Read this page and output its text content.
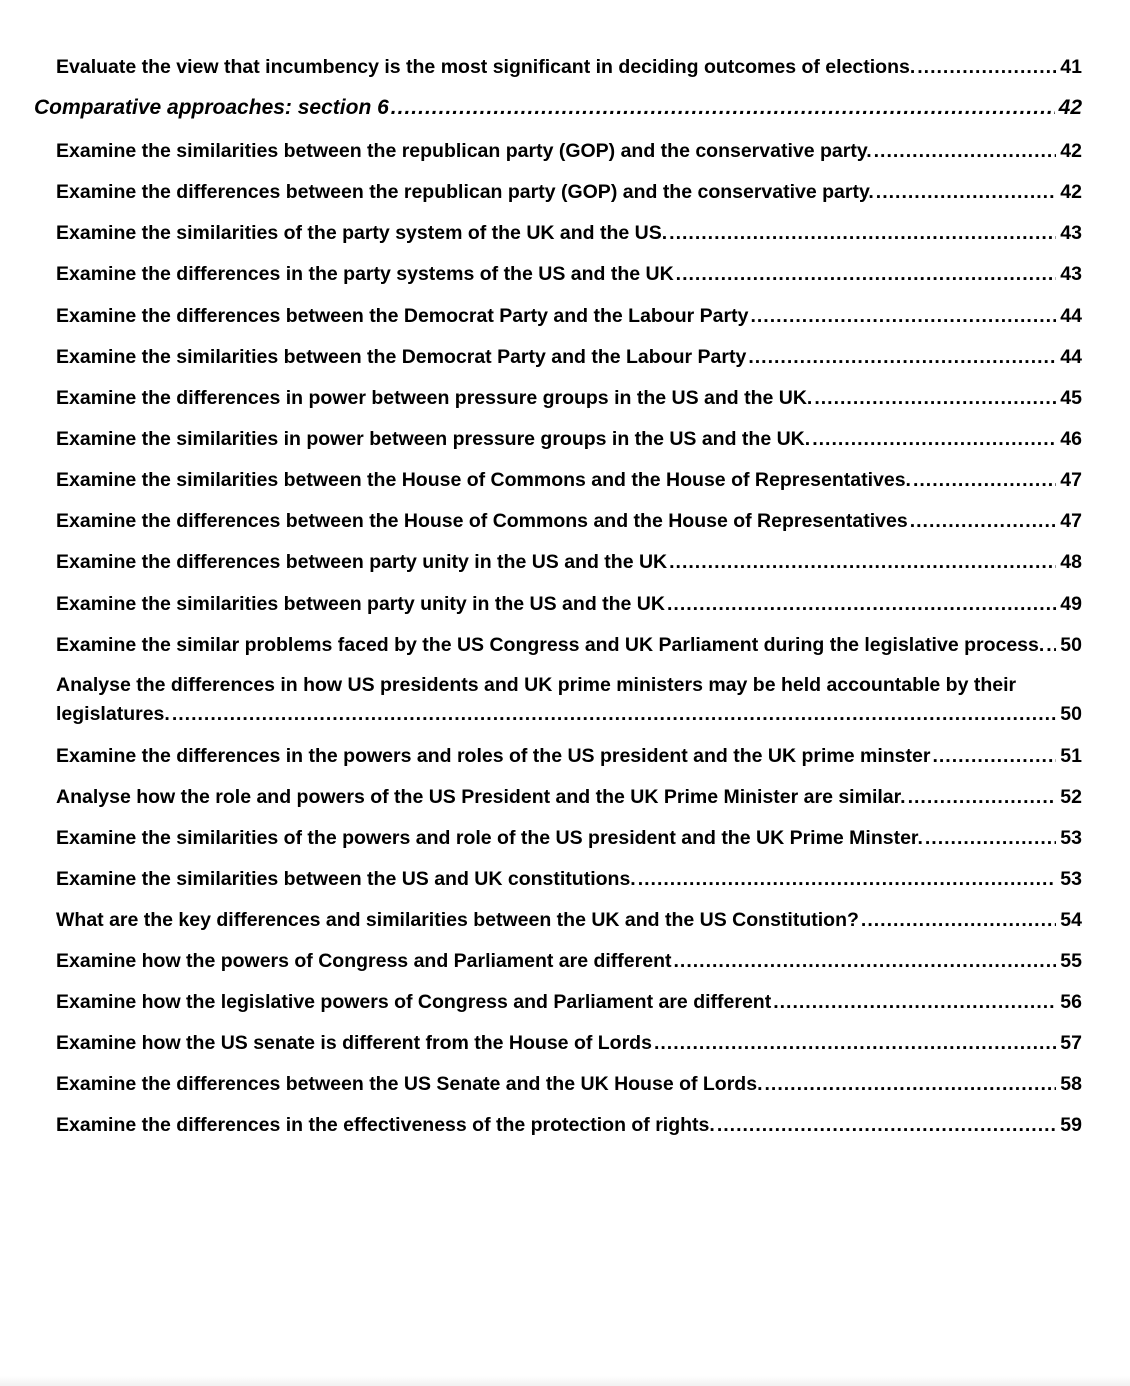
Evaluate the view that incumbency is the most significant in deciding outcomes of elections. .....	41
Comparative approaches: section 6 .....	42
Examine the similarities between the republican party (GOP) and the conservative party. .....	42
Examine the differences between the republican party (GOP) and the conservative party. .....	42
Examine the similarities of the party system of the UK and the US. .....	43
Examine the differences in the party systems of the US and the UK .....	43
Examine the differences between the Democrat Party and the Labour Party .....	44
Examine the similarities between the Democrat Party and the Labour Party .....	44
Examine the differences in power between pressure groups in the US and the UK. .....	45
Examine the similarities in power between pressure groups in the US and the UK. .....	46
Examine the similarities between the House of Commons and the House of Representatives. .....	47
Examine the differences between the House of Commons and the House of Representatives .....	47
Examine the differences between party unity in the US and the UK .....	48
Examine the similarities between party unity in the US and the UK .....	49
Examine the similar problems faced by the US Congress and UK Parliament during the legislative process. ..... 50
Analyse the differences in how US presidents and UK prime ministers may be held accountable by their
legislatures. .....	50
Examine the differences in the powers and roles of the US president and the UK prime minster .....	51
Analyse how the role and powers of the US President and the UK Prime Minister are similar. .....	52
Examine the similarities of the powers and role of the US president and the UK Prime Minster. .....	53
Examine the similarities between the US and UK constitutions. .....	53
What are the key differences and similarities between the UK and the US Constitution? .....	54
Examine how the powers of Congress and Parliament are different .....	55
Examine how the legislative powers of Congress and Parliament are different .....	56
Examine how the US senate is different from the House of Lords .....	57
Examine the differences between the US Senate and the UK House of Lords. .....	58
Examine the differences in the effectiveness of the protection of rights. .....	59
